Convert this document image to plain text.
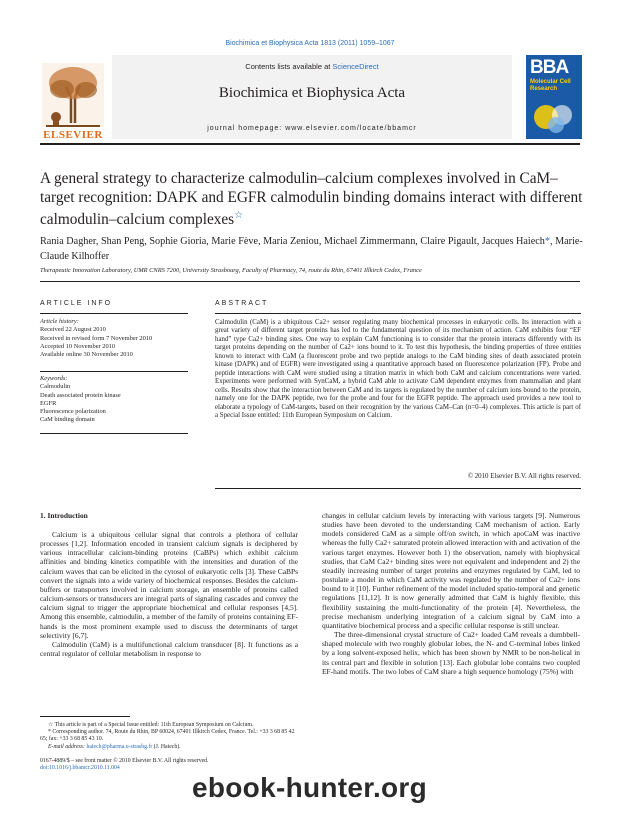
Biochimica et Biophysica Acta 1813 (2011) 1059–1067
ELSEVIER
Contents lists available at ScienceDirect
Biochimica et Biophysica Acta
journal homepage: www.elsevier.com/locate/bbamcr
BBA
Molecular Cell Research
A general strategy to characterize calmodulin–calcium complexes involved in CaM–target recognition: DAPK and EGFR calmodulin binding domains interact with different calmodulin–calcium complexes☆
Rania Dagher, Shan Peng, Sophie Gioria, Marie Fève, Maria Zeniou, Michael Zimmermann, Claire Pigault, Jacques Haiech*, Marie-Claude Kilhoffer
Therapeutic Innovation Laboratory, UMR CNRS 7200, University Strasbourg, Faculty of Pharmacy, 74, route du Rhin, 67401 Illkirch Cedex, France
ARTICLE INFO
Article history:
Received 22 August 2010
Received in revised form 7 November 2010
Accepted 10 November 2010
Available online 30 November 2010
Keywords:
Calmodulin
Death associated protein kinase
EGFR
Fluorescence polarization
CaM binding domain
ABSTRACT
Calmodulin (CaM) is a ubiquitous Ca2+ sensor regulating many biochemical processes in eukaryotic cells. Its interaction with a great variety of different target proteins has led to the fundamental question of its mechanism of action. CaM exhibits four “EF hand” type Ca2+ binding sites. One way to explain CaM functioning is to consider that the protein interacts differently with its target proteins depending on the number of Ca2+ ions bound to it. To test this hypothesis, the binding properties of three entities known to interact with CaM (a fluorescent probe and two peptide analogs to the CaM binding sites of death associated protein kinase (DAPK) and of EGFR) were investigated using a quantitative approach based on fluorescence polarization (FP). Probe and peptide interactions with CaM were studied using a titration matrix in which both CaM and calcium concentrations were varied. Experiments were performed with SynCaM, a hybrid CaM able to activate CaM dependent enzymes from mammalian and plant cells. Results show that the interaction between CaM and its targets is regulated by the number of calcium ions bound to the protein, namely one for the DAPK peptide, two for the probe and four for the EGFR peptide. The approach used provides a new tool to elaborate a typology of CaM-targets, based on their recognition by the various CaM–Can (n=0–4) complexes. This article is part of a Special Issue entitled: 11th European Symposium on Calcium.
© 2010 Elsevier B.V. All rights reserved.
1. Introduction

Calcium is a ubiquitous cellular signal that controls a plethora of cellular processes [1,2]. Information encoded in transient calcium signals is deciphered by various intracellular calcium-binding proteins (CaBPs) which exhibit calcium affinities and binding kinetics compatible with the intensities and duration of the calcium waves that can be elicited in the cytosol of eukaryotic cells [3]. These CaBPs convert the signals into a wide variety of biochemical responses. Besides the calcium-buffers or transporters involved in calcium storage, an ensemble of proteins called calcium-sensors or transducers are integral parts of signaling cascades and convey the calcium signal to trigger the appropriate biochemical and cellular responses [4,5]. Among this ensemble, calmodulin, a member of the family of proteins containing EF-hands is the most prominent example used to discuss the determinants of target selectivity [6,7].

Calmodulin (CaM) is a multifunctional calcium transducer [8]. It functions as a central regulator of cellular metabolism in response to

changes in cellular calcium levels by interacting with various targets [9]. Numerous studies have been devoted to the understanding CaM mechanism of action. Early models considered CaM as a simple off/on switch, in which apoCaM was inactive whereas the fully Ca2+ saturated protein allowed interaction with and activation of the various target enzymes. However both 1) the observation, namely with biophysical studies, that CaM Ca2+ binding sites were not equivalent and independent and 2) the steadily increasing number of target proteins and enzymes regulated by CaM, led to postulate a model in which CaM activity was regulated by the number of Ca2+ ions bound to it [10]. Further refinement of the model included spatio-temporal and genetic regulations [11,12]. It is now generally admitted that CaM is highly flexible, this flexibility sustaining the multi-functionality of the protein [4]. Nevertheless, the precise mechanism underlying integration of a calcium signal by CaM into a quantitative biochemical process and a specific cellular response is still unclear.

The three-dimensional crystal structure of Ca2+ loaded CaM reveals a dumbbell-shaped molecule with two roughly globular lobes, the N- and C-terminal lobes linked by a long solvent-exposed helix, which has been shown by NMR to be non-helical in its central part and flexible in solution [13]. Each globular lobe contains two coupled EF-hand motifs. The two lobes of CaM share a high sequence homology (75%) with

☆ This article is part of a Special Issue entitled: 11th European Symposium on Calcium.
* Corresponding author. 74, Route du Rhin, BP 60024, 67401 Illkirch Cedex, France. Tel.: +33 3 68 85 42 65; fax: +33 3 68 85 43 10.
E-mail address: haiech@pharma.u-strasbg.fr (J. Haiech).
0167-4889/$ – see front matter © 2010 Elsevier B.V. All rights reserved.
doi:10.1016/j.bbamcr.2010.11.004
ebook-hunter.org
